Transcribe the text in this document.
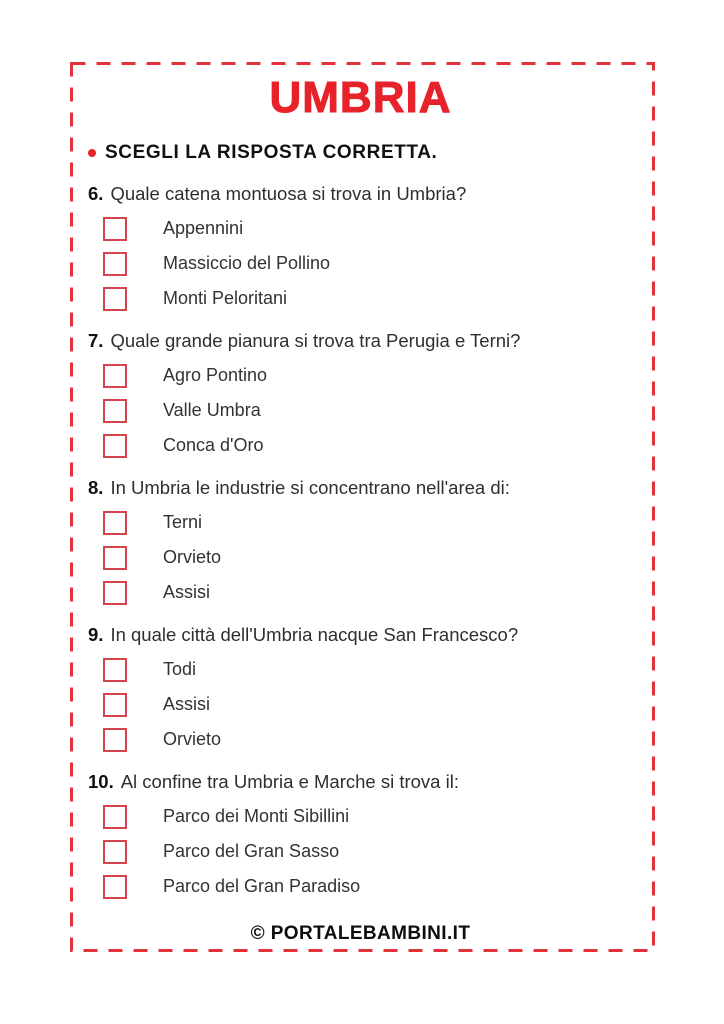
UMBRIA
SCEGLI LA RISPOSTA CORRETTA.
6. Quale catena montuosa si trova in Umbria?
Appennini
Massiccio del Pollino
Monti Peloritani
7. Quale grande pianura si trova tra Perugia e Terni?
Agro Pontino
Valle Umbra
Conca d'Oro
8. In Umbria le industrie si concentrano nell'area di:
Terni
Orvieto
Assisi
9. In quale città dell'Umbria nacque San Francesco?
Todi
Assisi
Orvieto
10. Al confine tra Umbria e Marche si trova il:
Parco dei Monti Sibillini
Parco del Gran Sasso
Parco del Gran Paradiso
© PORTALEBAMBINI.IT
